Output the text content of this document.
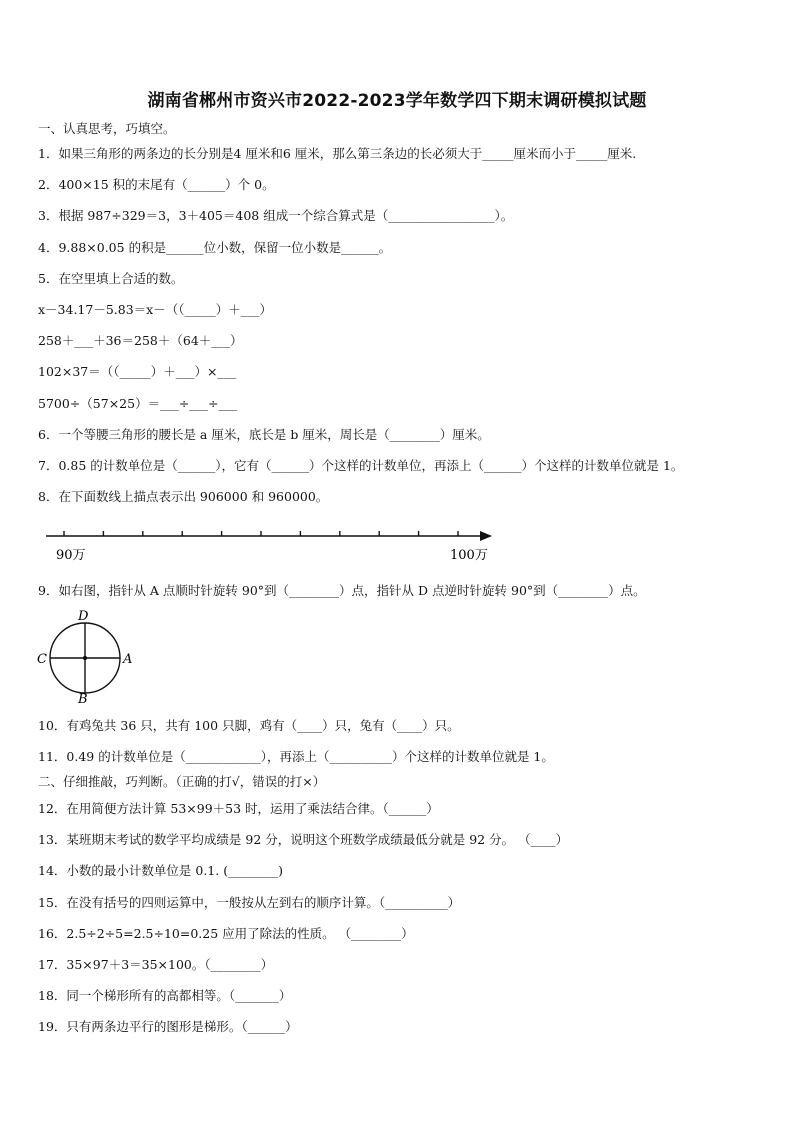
湖南省郴州市资兴市2022-2023学年数学四下期末调研模拟试题
一、认真思考，巧填空。
1．如果三角形的两条边的长分别是4 厘米和6 厘米，那么第三条边的长必须大于_____厘米而小于_____厘米.
2．400×15 积的末尾有（______）个 0。
3．根据 987÷329＝3，3＋405＝408 组成一个综合算式是（_________________）。
4．9.88×0.05 的积是______位小数，保留一位小数是______。
5．在空里填上合适的数。
x－34.17－5.83＝x－（（_____）＋___）
258＋___＋36＝258＋（64＋___）
102×37＝（（_____）＋___）×___
5700÷（57×25）＝___÷___÷___
6．一个等腰三角形的腰长是 a 厘米，底长是 b 厘米，周长是（________）厘米。
7．0.85 的计数单位是（______），它有（______）个这样的计数单位，再添上（______）个这样的计数单位就是 1。
8．在下面数线上描点表示出 906000 和 960000。
90万	100万
9．如右图，指针从 A 点顺时针旋转 90°到（________）点，指针从 D 点逆时针旋转 90°到（________）点。
D
C	A
B
10．有鸡兔共 36 只，共有 100 只脚，鸡有（____）只，兔有（____）只。
11．0.49 的计数单位是（____________），再添上（__________）个这样的计数单位就是 1。
二、仔细推敲，巧判断。（正确的打√，错误的打×）
12．在用简便方法计算 53×99＋53 时，运用了乘法结合律。（______）
13．某班期末考试的数学平均成绩是 92 分，说明这个班数学成绩最低分就是 92 分。 （____）
14．小数的最小计数单位是 0.1. (________)
15．在没有括号的四则运算中，一般按从左到右的顺序计算。（__________）
16．2.5÷2÷5=2.5÷10=0.25 应用了除法的性质。 （________）
17．35×97＋3＝35×100。（________）
18．同一个梯形所有的高都相等。（_______）
19．只有两条边平行的图形是梯形。（______）
